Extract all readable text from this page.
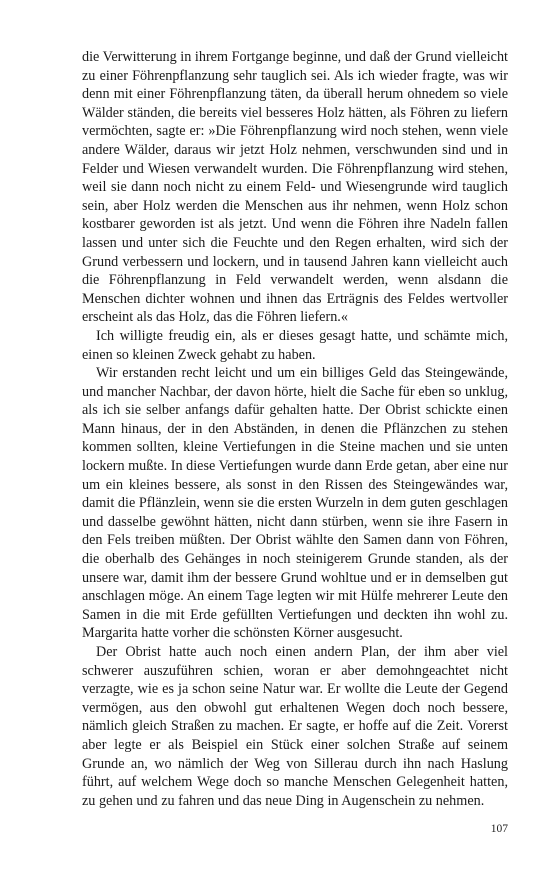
die Verwitterung in ihrem Fortgange beginne, und daß der Grund vielleicht zu einer Föhrenpflanzung sehr tauglich sei. Als ich wieder fragte, was wir denn mit einer Föhrenpflanzung täten, da überall herum ohnedem so viele Wälder ständen, die bereits viel besseres Holz hätten, als Föhren zu liefern vermöchten, sagte er: »Die Föhrenpflanzung wird noch stehen, wenn viele andere Wälder, daraus wir jetzt Holz nehmen, verschwunden sind und in Felder und Wiesen verwandelt wurden. Die Föhrenpflanzung wird stehen, weil sie dann noch nicht zu einem Feld- und Wiesengrunde wird tauglich sein, aber Holz werden die Menschen aus ihr nehmen, wenn Holz schon kostbarer geworden ist als jetzt. Und wenn die Föhren ihre Nadeln fallen lassen und unter sich die Feuchte und den Regen erhalten, wird sich der Grund verbessern und lockern, und in tausend Jahren kann vielleicht auch die Föhrenpflanzung in Feld verwandelt werden, wenn alsdann die Menschen dichter wohnen und ihnen das Erträgnis des Feldes wertvoller erscheint als das Holz, das die Föhren liefern.«

Ich willigte freudig ein, als er dieses gesagt hatte, und schämte mich, einen so kleinen Zweck gehabt zu haben.

Wir erstanden recht leicht und um ein billiges Geld das Steingewände, und mancher Nachbar, der davon hörte, hielt die Sache für eben so unklug, als ich sie selber anfangs dafür gehalten hatte. Der Obrist schickte einen Mann hinaus, der in den Abständen, in denen die Pflänzchen zu stehen kommen sollten, kleine Vertiefungen in die Steine machen und sie unten lockern mußte. In diese Vertiefungen wurde dann Erde getan, aber eine nur um ein kleines bessere, als sonst in den Rissen des Steingewändes war, damit die Pflänzlein, wenn sie die ersten Wurzeln in dem guten geschlagen und dasselbe gewöhnt hätten, nicht dann stürben, wenn sie ihre Fasern in den Fels treiben müßten. Der Obrist wählte den Samen dann von Föhren, die oberhalb des Gehänges in noch steinigerem Grunde standen, als der unsere war, damit ihm der bessere Grund wohltue und er in demselben gut anschlagen möge. An einem Tage legten wir mit Hülfe mehrerer Leute den Samen in die mit Erde gefüllten Vertiefungen und deckten ihn wohl zu. Margarita hatte vorher die schönsten Körner ausgesucht.

Der Obrist hatte auch noch einen andern Plan, der ihm aber viel schwerer auszuführen schien, woran er aber demohngeachtet nicht verzagte, wie es ja schon seine Natur war. Er wollte die Leute der Gegend vermögen, aus den obwohl gut erhaltenen Wegen doch noch bessere, nämlich gleich Straßen zu machen. Er sagte, er hoffe auf die Zeit. Vorerst aber legte er als Beispiel ein Stück einer solchen Straße auf seinem Grunde an, wo nämlich der Weg von Sillerau durch ihn nach Haslung führt, auf welchem Wege doch so manche Menschen Gelegenheit hatten, zu gehen und zu fahren und das neue Ding in Augenschein zu nehmen.

107
